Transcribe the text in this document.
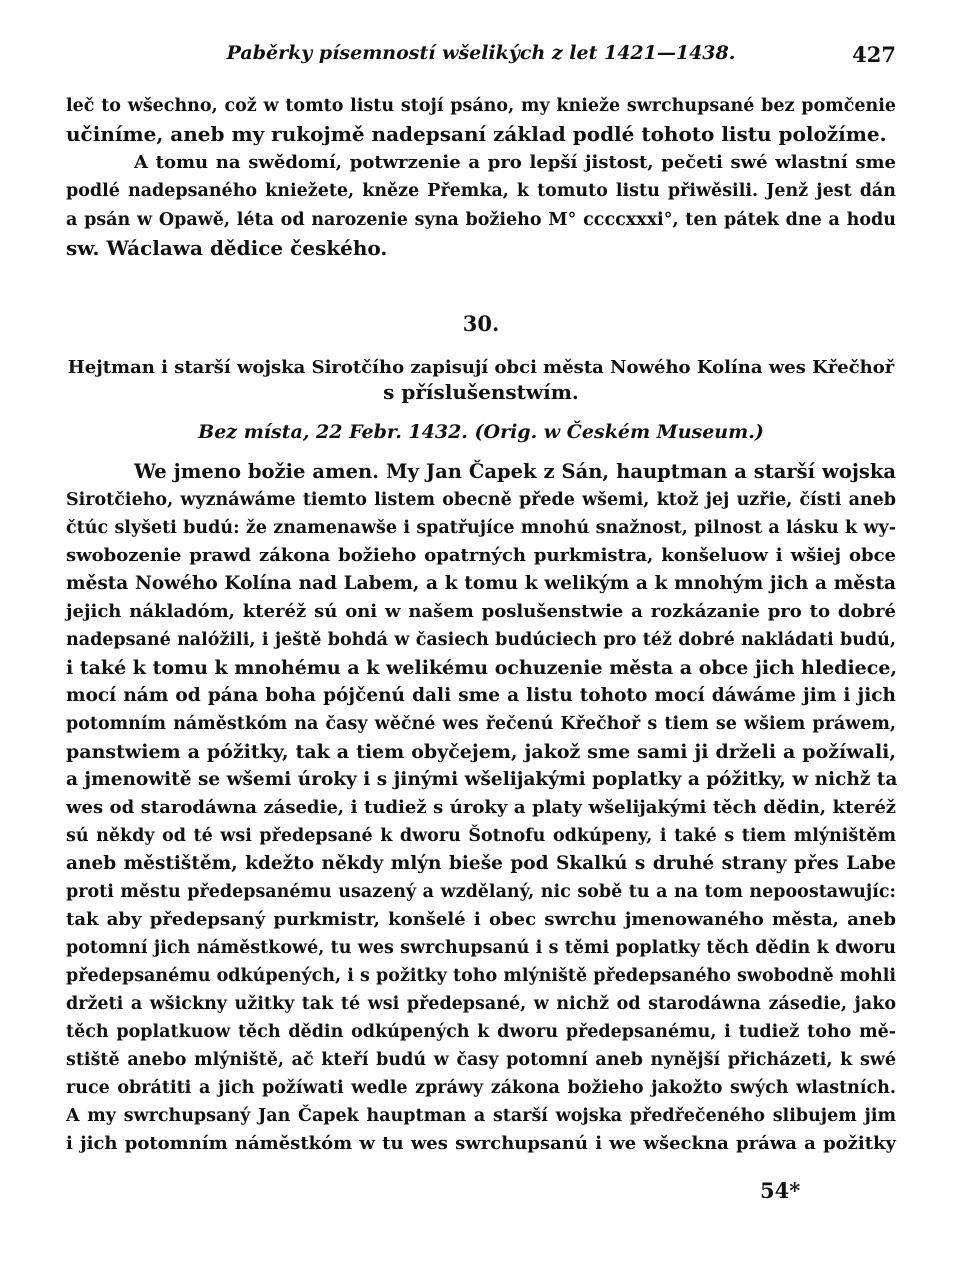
Paběrky písemností wšelikých z let 1421—1438.	427
leč to wšechno, což w tomto listu stojí psáno, my knieže swrchupsané bez pomčenie
učiníme, aneb my rukojmě nadepsaní základ podlé tohoto listu položíme.
A tomu na swědomí, potwrzenie a pro lepší jistost, pečeti swé wlastní sme
podlé nadepsaného kniežete, kněze Přemka, k tomuto listu přiwěsili. Jenž jest dán
a psán w Opawě, léta od narozenie syna božieho M° ccccxxxi°, ten pátek dne a hodu
sw. Wáclawa dědice českého.
30.
Hejtman i starší wojska Sirotčího zapisují obci města Nowého Kolína wes Křečhoř
s příslušenstwím.
Bez místa, 22 Febr. 1432. (Orig. w Českém Museum.)
We jmeno božie amen. My Jan Čapek z Sán, hauptman a starší wojska
Sirotčieho, wyznáwáme tiemto listem obecně přede wšemi, ktož jej uzřie, čísti aneb
čtúc slyšeti budú: že znamenawše i spatřujíce mnohú snažnost, pilnost a lásku k wy-
swobozenie prawd zákona božieho opatrných purkmistra, konšeluow i wšiej obce
města Nowého Kolína nad Labem, a k tomu k welikým a k mnohým jich a města
jejich nákladóm, kteréž sú oni w našem poslušenstwie a rozkázanie pro to dobré
nadepsané nalóžili, i ještě bohdá w časiech budúciech pro též dobré nakládati budú,
i také k tomu k mnohému a k welikému ochuzenie města a obce jich hlediece,
mocí nám od pána boha pójčenú dali sme a listu tohoto mocí dáwáme jim i jich
potomním náměstkóm na časy wěčné wes řečenú Křečhoř s tiem se wšiem práwem,
panstwiem a póžitky, tak a tiem obyčejem, jakož sme sami ji drželi a požíwali,
a jmenowitě se wšemi úroky i s jinými wšelijakými poplatky a póžitky, w nichž ta
wes od starodáwna zásedie, i tudiež s úroky a platy wšelijakými těch dědin, kteréž
sú někdy od té wsi předepsané k dworu Šotnofu odkúpeny, i také s tiem mlýništěm
aneb městištěm, kdežto někdy mlýn bieše pod Skalkú s druhé strany přes Labe
proti městu předepsanému usazený a wzdělaný, nic sobě tu a na tom nepoostawujíc:
tak aby předepsaný purkmistr, konšelé i obec swrchu jmenowaného města, aneb
potomní jich náměstkowé, tu wes swrchupsanú i s těmi poplatky těch dědin k dworu
předepsanému odkúpených, i s požitky toho mlýniště předepsaného swobodně mohli
držeti a wšickny užitky tak té wsi předepsané, w nichž od starodáwna zásedie, jako
těch poplatkuow těch dědin odkúpených k dworu předepsanému, i tudiež toho mě-
stiště anebo mlýniště, ač kteří budú w časy potomní aneb nynější přicházeti, k swé
ruce obrátiti a jich požíwati wedle zpráwy zákona božieho jakožto swých wlastních.
A my swrchupsaný Jan Čapek hauptman a starší wojska předřečeného slibujem jim
i jich potomním náměstkóm w tu wes swrchupsanú i we wšeckna práwa a požitky
54*
